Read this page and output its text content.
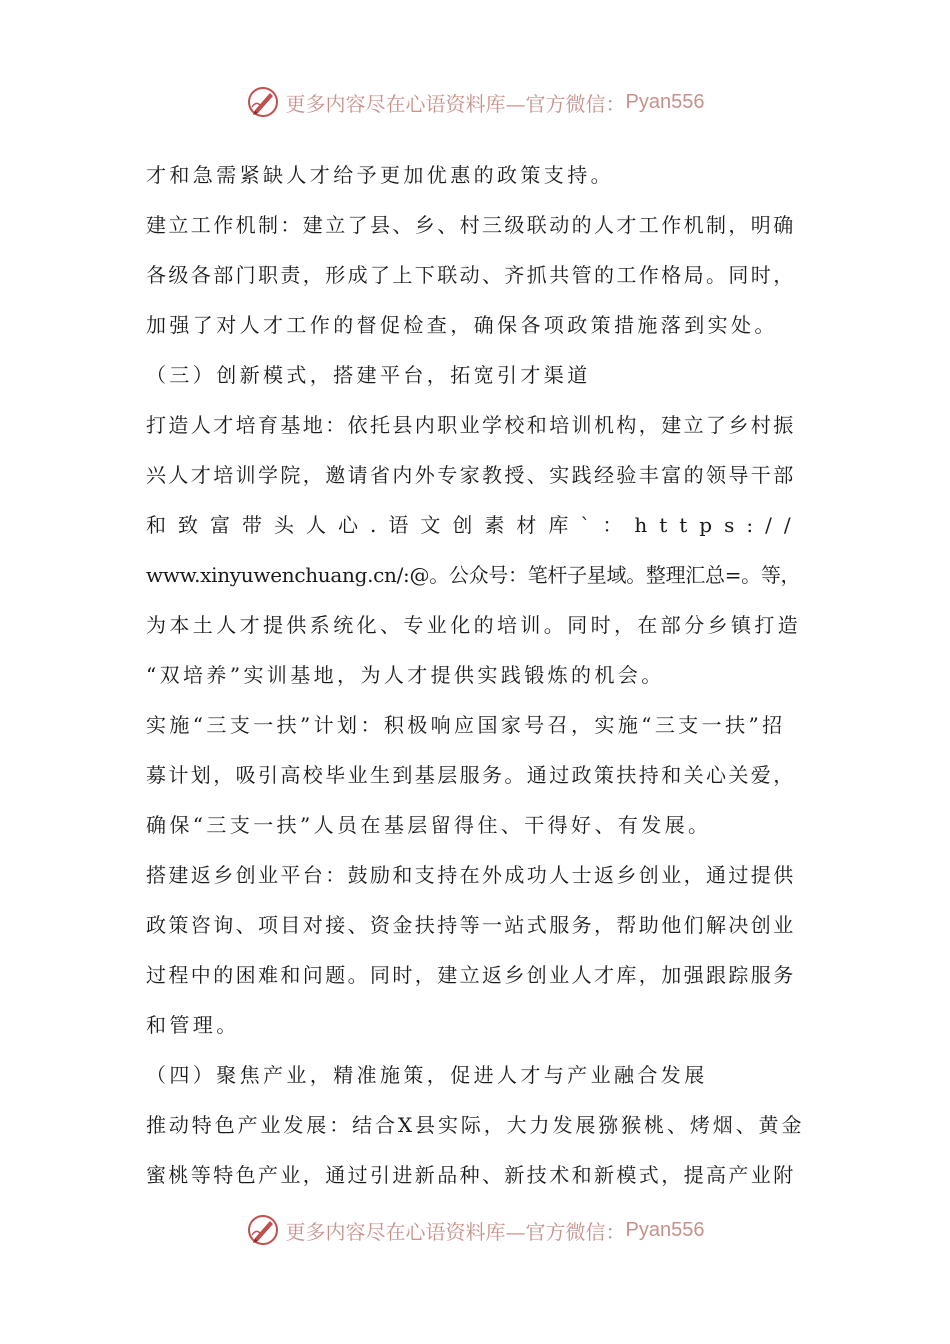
更多内容尽在心语资料库—官方微信： Pyan556
才和急需紧缺人才给予更加优惠的政策支持。
建立工作机制：建立了县、乡、村三级联动的人才工作机制，明确
各级各部门职责，形成了上下联动、齐抓共管的工作格局。同时，
加强了对人才工作的督促检查，确保各项政策措施落到实处。
（三）创新模式，搭建平台，拓宽引才渠道
打造人才培育基地：依托县内职业学校和培训机构，建立了乡村振
兴人才培训学院，邀请省内外专家教授、实践经验丰富的领导干部
和致富带头人心.语文创素材库`：https://
www.xinyuwenchuang.cn/:@。公众号：笔杆子星域。整理汇总=。等，
为本土人才提供系统化、专业化的培训。同时，在部分乡镇打造
“双培养”实训基地，为人才提供实践锻炼的机会。
实施“三支一扶”计划：积极响应国家号召，实施“三支一扶”招
募计划，吸引高校毕业生到基层服务。通过政策扶持和关心关爱，
确保“三支一扶”人员在基层留得住、干得好、有发展。
搭建返乡创业平台：鼓励和支持在外成功人士返乡创业，通过提供
政策咨询、项目对接、资金扶持等一站式服务，帮助他们解决创业
过程中的困难和问题。同时，建立返乡创业人才库，加强跟踪服务
和管理。
（四）聚焦产业，精准施策，促进人才与产业融合发展
推动特色产业发展：结合X县实际，大力发展猕猴桃、烤烟、黄金
蜜桃等特色产业，通过引进新品种、新技术和新模式，提高产业附
更多内容尽在心语资料库—官方微信： Pyan556
